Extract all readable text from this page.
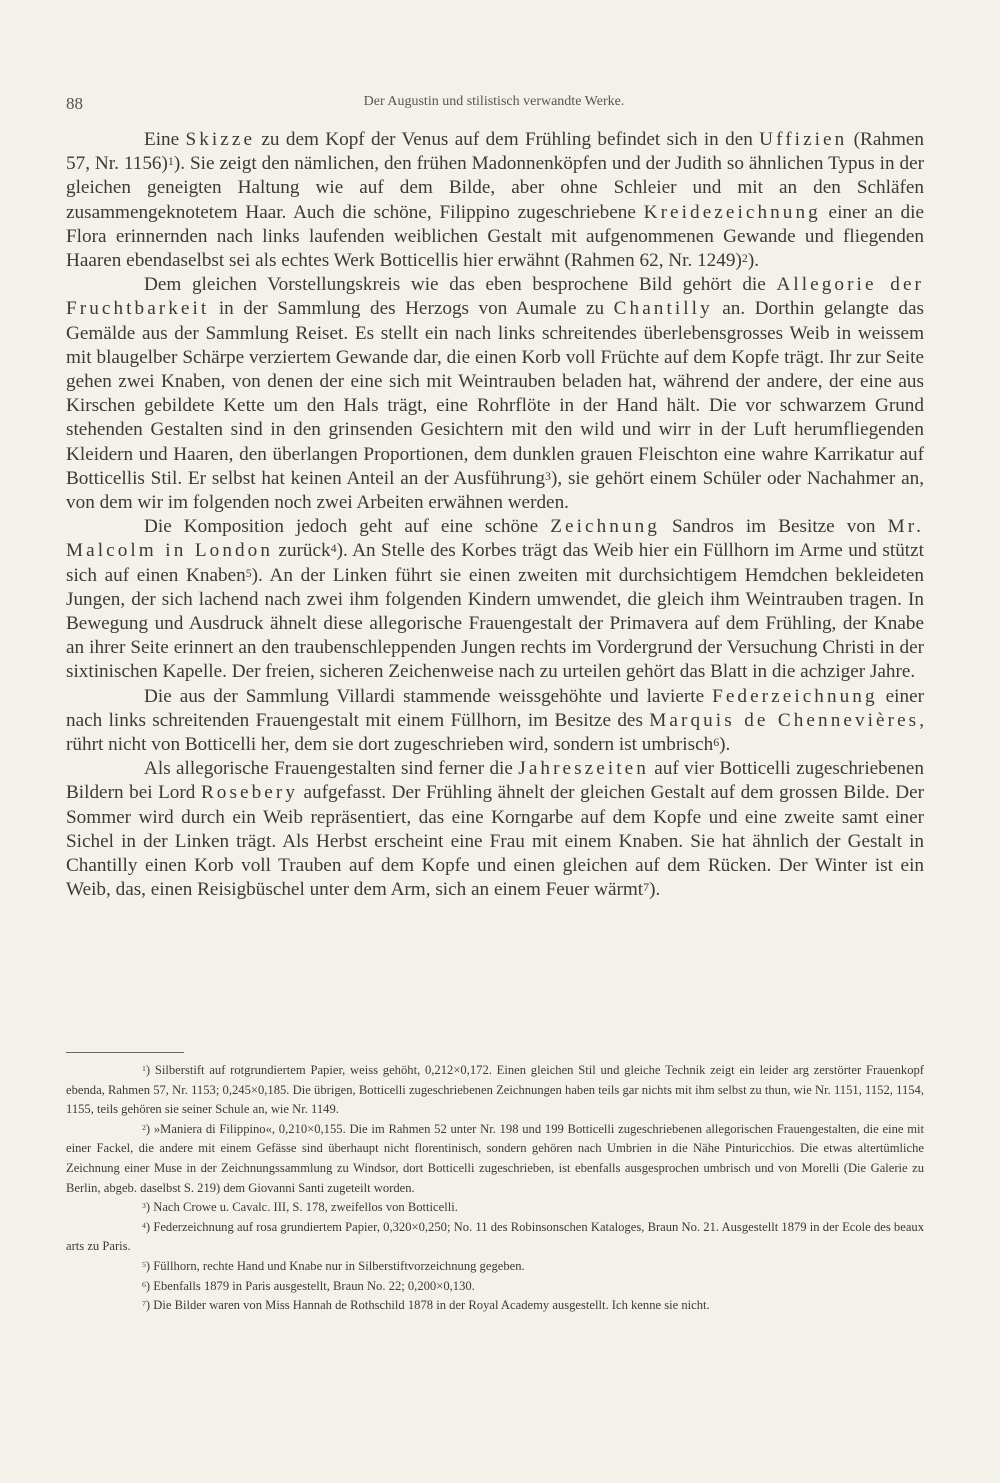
88	Der Augustin und stilistisch verwandte Werke.

Eine Skizze zu dem Kopf der Venus auf dem Frühling befindet sich in den Uffizien (Rahmen 57, Nr. 1156)$^1$). Sie zeigt den nämlichen, den frühen Madonnenköpfen und der Judith so ähnlichen Typus in der gleichen geneigten Haltung wie auf dem Bilde, aber ohne Schleier und mit an den Schläfen zusammengeknotetem Haar. Auch die schöne, Filippino zugeschriebene Kreidezeichnung einer an die Flora erinnernden nach links laufenden weiblichen Gestalt mit aufgenommenen Gewande und fliegenden Haaren ebendaselbst sei als echtes Werk Botticellis hier erwähnt (Rahmen 62, Nr. 1249)$^2$).

Dem gleichen Vorstellungskreis wie das eben besprochene Bild gehört die Allegorie der Fruchtbarkeit in der Sammlung des Herzogs von Aumale zu Chantilly an. Dorthin gelangte das Gemälde aus der Sammlung Reiset. Es stellt ein nach links schreitendes überlebensgrosses Weib in weissem mit blaugelber Schärpe verziertem Gewande dar, die einen Korb voll Früchte auf dem Kopfe trägt. Ihr zur Seite gehen zwei Knaben, von denen der eine sich mit Weintrauben beladen hat, während der andere, der eine aus Kirschen gebildete Kette um den Hals trägt, eine Rohrflöte in der Hand hält. Die vor schwarzem Grund stehenden Gestalten sind in den grinsenden Gesichtern mit den wild und wirr in der Luft herumfliegenden Kleidern und Haaren, den überlangen Proportionen, dem dunklen grauen Fleischton eine wahre Karrikatur auf Botticellis Stil. Er selbst hat keinen Anteil an der Ausführung$^3$), sie gehört einem Schüler oder Nachahmer an, von dem wir im folgenden noch zwei Arbeiten erwähnen werden.

Die Komposition jedoch geht auf eine schöne Zeichnung Sandros im Besitze von Mr. Malcolm in London zurück$^4$). An Stelle des Korbes trägt das Weib hier ein Füllhorn im Arme und stützt sich auf einen Knaben$^5$). An der Linken führt sie einen zweiten mit durchsichtigem Hemdchen bekleideten Jungen, der sich lachend nach zwei ihm folgenden Kindern umwendet, die gleich ihm Weintrauben tragen. In Bewegung und Ausdruck ähnelt diese allegorische Frauengestalt der Primavera auf dem Frühling, der Knabe an ihrer Seite erinnert an den traubenschleppenden Jungen rechts im Vordergrund der Versuchung Christi in der sixtinischen Kapelle. Der freien, sicheren Zeichenweise nach zu urteilen gehört das Blatt in die achziger Jahre.

Die aus der Sammlung Villardi stammende weissgehöhte und lavierte Federzeichnung einer nach links schreitenden Frauengestalt mit einem Füllhorn, im Besitze des Marquis de Chennevières, rührt nicht von Botticelli her, dem sie dort zugeschrieben wird, sondern ist umbrisch$^6$).

Als allegorische Frauengestalten sind ferner die Jahreszeiten auf vier Botticelli zugeschriebenen Bildern bei Lord Rosebery aufgefasst. Der Frühling ähnelt der gleichen Gestalt auf dem grossen Bilde. Der Sommer wird durch ein Weib repräsentiert, das eine Korngarbe auf dem Kopfe und eine zweite samt einer Sichel in der Linken trägt. Als Herbst erscheint eine Frau mit einem Knaben. Sie hat ähnlich der Gestalt in Chantilly einen Korb voll Trauben auf dem Kopfe und einen gleichen auf dem Rücken. Der Winter ist ein Weib, das, einen Reisigbüschel unter dem Arm, sich an einem Feuer wärmt$^7$).

$^1$) Silberstift auf rotgrundiertem Papier, weiss gehöht, 0,212×0,172. Einen gleichen Stil und gleiche Technik zeigt ein leider arg zerstörter Frauenkopf ebenda, Rahmen 57, Nr. 1153; 0,245×0,185. Die übrigen, Botticelli zugeschriebenen Zeichnungen haben teils gar nichts mit ihm selbst zu thun, wie Nr. 1151, 1152, 1154, 1155, teils gehören sie seiner Schule an, wie Nr. 1149.

$^2$) »Maniera di Filippino«, 0,210×0,155. Die im Rahmen 52 unter Nr. 198 und 199 Botticelli zugeschriebenen allegorischen Frauengestalten, die eine mit einer Fackel, die andere mit einem Gefässe sind überhaupt nicht florentinisch, sondern gehören nach Umbrien in die Nähe Pinturicchios. Die etwas altertümliche Zeichnung einer Muse in der Zeichnungssammlung zu Windsor, dort Botticelli zugeschrieben, ist ebenfalls ausgesprochen umbrisch und von Morelli (Die Galerie zu Berlin, abgeb. daselbst S. 219) dem Giovanni Santi zugeteilt worden.

$^3$) Nach Crowe u. Cavalc. III, S. 178, zweifellos von Botticelli.

$^4$) Federzeichnung auf rosa grundiertem Papier, 0,320×0,250; No. 11 des Robinsonschen Kataloges, Braun No. 21. Ausgestellt 1879 in der Ecole des beaux arts zu Paris.

$^5$) Füllhorn, rechte Hand und Knabe nur in Silberstiftvorzeichnung gegeben.

$^6$) Ebenfalls 1879 in Paris ausgestellt, Braun No. 22; 0,200×0,130.

$^7$) Die Bilder waren von Miss Hannah de Rothschild 1878 in der Royal Academy ausgestellt. Ich kenne sie nicht.
